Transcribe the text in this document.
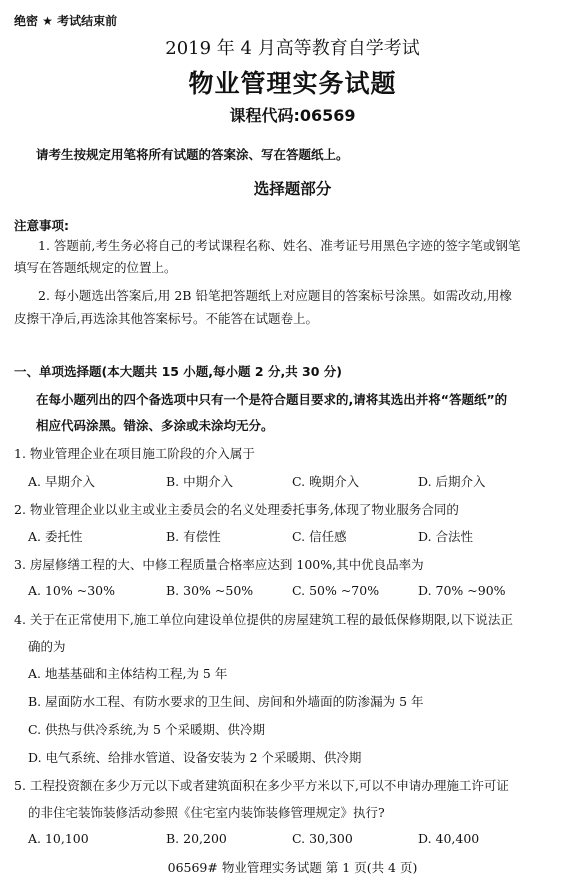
绝密 ★ 考试结束前
2019 年 4 月高等教育自学考试
物业管理实务试题
课程代码:06569
请考生按规定用笔将所有试题的答案涂、写在答题纸上。
选择题部分
注意事项:
1. 答题前,考生务必将自己的考试课程名称、姓名、准考证号用黑色字迹的签字笔或钢笔
填写在答题纸规定的位置上。
2. 每小题选出答案后,用 2B 铅笔把答题纸上对应题目的答案标号涂黑。如需改动,用橡
皮擦干净后,再选涂其他答案标号。不能答在试题卷上。
一、单项选择题(本大题共 15 小题,每小题 2 分,共 30 分)
在每小题列出的四个备选项中只有一个是符合题目要求的,请将其选出并将“答题纸”的
相应代码涂黑。错涂、多涂或未涂均无分。
1. 物业管理企业在项目施工阶段的介入属于
A. 早期介入	B. 中期介入	C. 晚期介入	D. 后期介入
2. 物业管理企业以业主或业主委员会的名义处理委托事务,体现了物业服务合同的
A. 委托性	B. 有偿性	C. 信任感	D. 合法性
3. 房屋修缮工程的大、中修工程质量合格率应达到 100%,其中优良品率为
A. 10% ~30%	B. 30% ~50%	C. 50% ~70%	D. 70% ~90%
4. 关于在正常使用下,施工单位向建设单位提供的房屋建筑工程的最低保修期限,以下说法正
确的为
A. 地基基础和主体结构工程,为 5 年
B. 屋面防水工程、有防水要求的卫生间、房间和外墙面的防渗漏为 5 年
C. 供热与供冷系统,为 5 个采暖期、供冷期
D. 电气系统、给排水管道、设备安装为 2 个采暖期、供冷期
5. 工程投资额在多少万元以下或者建筑面积在多少平方米以下,可以不申请办理施工许可证
的非住宅装饰装修活动参照《住宅室内装饰装修管理规定》执行?
A. 10,100	B. 20,200	C. 30,300	D. 40,400
06569# 物业管理实务试题 第 1 页(共 4 页)
